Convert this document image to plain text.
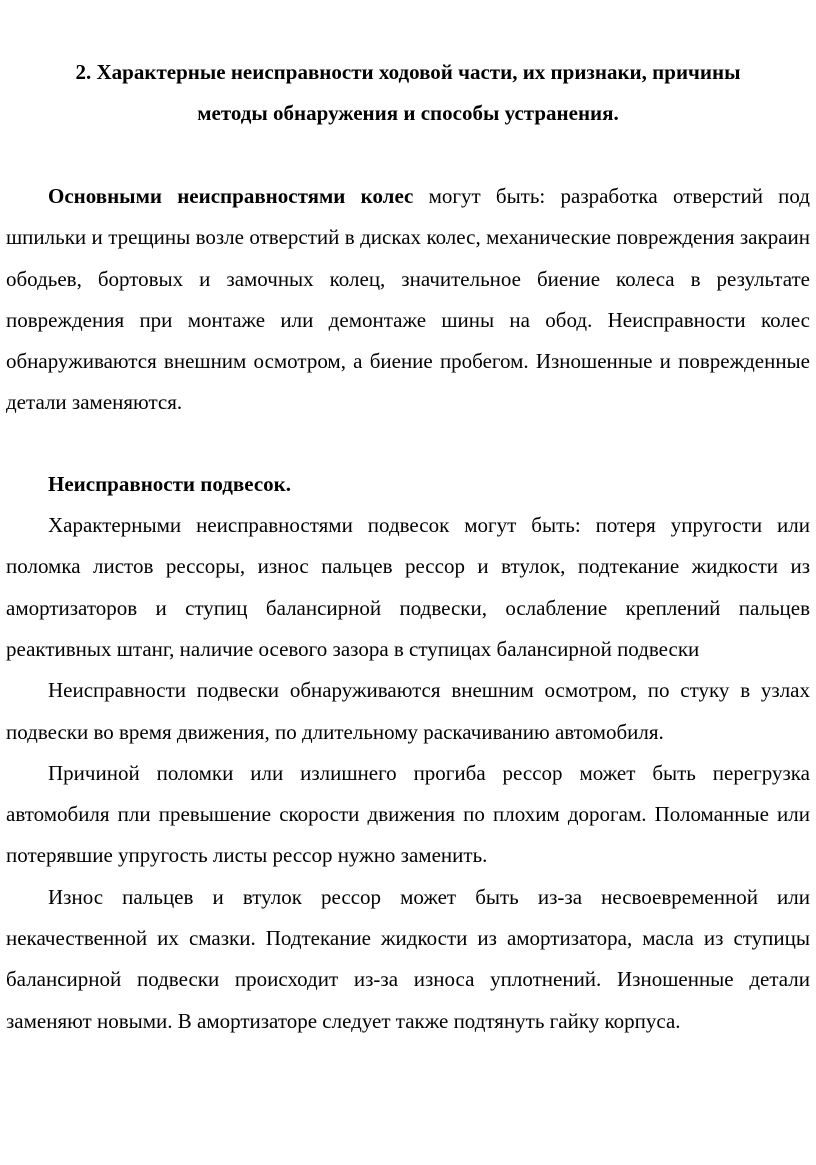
2. Характерные неисправности ходовой части, их признаки, причины
методы обнаружения и способы устранения.

Основными неисправностями колес могут быть: разработка отверстий под шпильки и трещины возле отверстий в дисках колес, механические повреждения закраин ободьев, бортовых и замочных колец, значительное биение колеса в результате повреждения при монтаже или демонтаже шины на обод. Неисправности колес обнаруживаются внешним осмотром, а биение пробегом. Изношенные и поврежденные детали заменяются.

Неисправности подвесок.

Характерными неисправностями подвесок могут быть: потеря упругости или поломка листов рессоры, износ пальцев рессор и втулок, подтекание жидкости из амортизаторов и ступиц балансирной подвески, ослабление креплений пальцев реактивных штанг, наличие осевого зазора в ступицах балансирной подвески

Неисправности подвески обнаруживаются внешним осмотром, по стуку в узлах подвески во время движения, по длительному раскачиванию автомобиля.

Причиной поломки или излишнего прогиба рессор может быть перегрузка автомобиля пли превышение скорости движения по плохим дорогам. Поломанные или потерявшие упругость листы рессор нужно заменить.

Износ пальцев и втулок рессор может быть из-за несвоевременной или некачественной их смазки. Подтекание жидкости из амортизатора, масла из ступицы балансирной подвески происходит из-за износа уплотнений. Изношенные детали заменяют новыми. В амортизаторе следует также подтянуть гайку корпуса.
